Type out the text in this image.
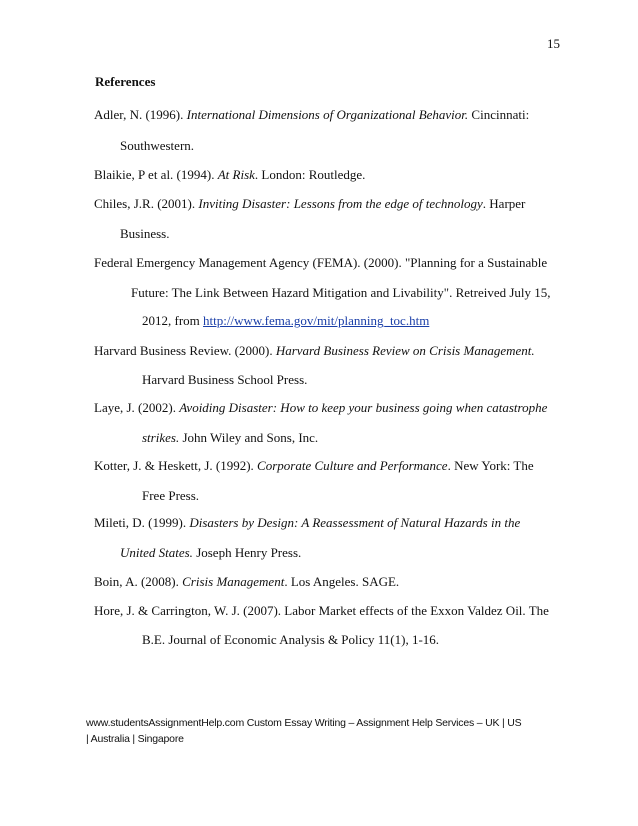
15
References
Adler, N. (1996). International Dimensions of Organizational Behavior. Cincinnati:
Southwestern.
Blaikie, P et al. (1994). At Risk. London: Routledge.
Chiles, J.R. (2001). Inviting Disaster: Lessons from the edge of technology. Harper
Business.
Federal Emergency Management Agency (FEMA). (2000). "Planning for a Sustainable
Future: The Link Between Hazard Mitigation and Livability". Retreived July 15,
2012, from http://www.fema.gov/mit/planning_toc.htm
Harvard Business Review. (2000). Harvard Business Review on Crisis Management.
Harvard Business School Press.
Laye, J. (2002). Avoiding Disaster: How to keep your business going when catastrophe
strikes. John Wiley and Sons, Inc.
Kotter, J. & Heskett, J. (1992). Corporate Culture and Performance. New York: The
Free Press.
Mileti, D. (1999). Disasters by Design: A Reassessment of Natural Hazards in the
United States. Joseph Henry Press.
Boin, A. (2008). Crisis Management. Los Angeles. SAGE.
Hore, J. & Carrington, W. J. (2007). Labor Market effects of the Exxon Valdez Oil. The
B.E. Journal of Economic Analysis & Policy 11(1), 1-16.
www.studentsAssignmentHelp.com Custom Essay Writing – Assignment Help Services – UK | US
| Australia | Singapore
